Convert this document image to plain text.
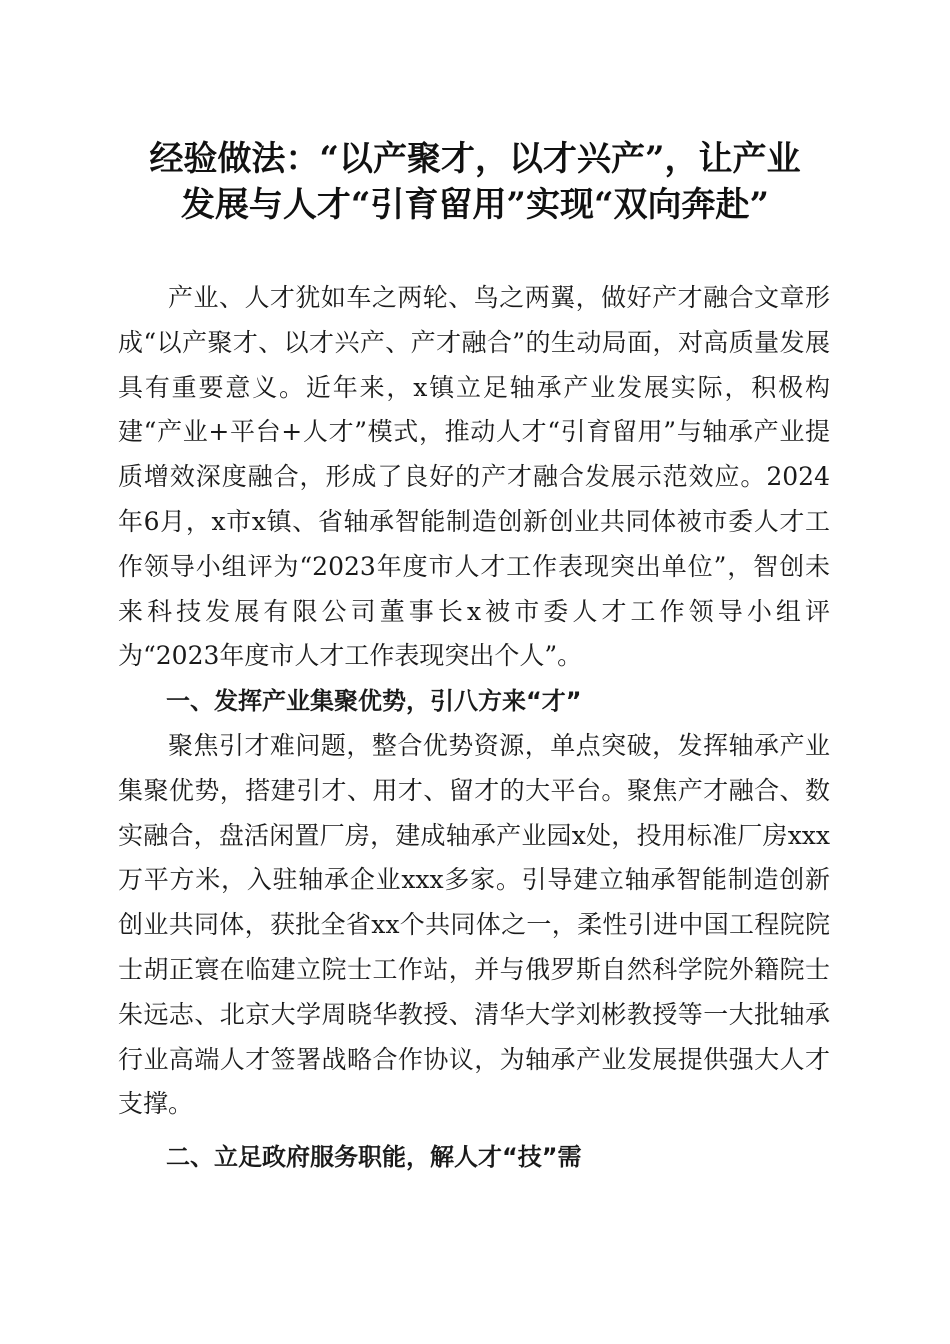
经验做法：“以产聚才，以才兴产”，让产业
发展与人才“引育留用”实现“双向奔赴”

产业、人才犹如车之两轮、鸟之两翼，做好产才融合文章形成“以产聚才、以才兴产、产才融合”的生动局面，对高质量发展具有重要意义。近年来，x镇立足轴承产业发展实际，积极构建“产业+平台+人才”模式，推动人才“引育留用”与轴承产业提质增效深度融合，形成了良好的产才融合发展示范效应。2024年6月，x市x镇、省轴承智能制造创新创业共同体被市委人才工作领导小组评为“2023年度市人才工作表现突出单位”，智创未来科技发展有限公司董事长x被市委人才工作领导小组评为“2023年度市人才工作表现突出个人”。

一、发挥产业集聚优势，引八方来“才”

聚焦引才难问题，整合优势资源，单点突破，发挥轴承产业集聚优势，搭建引才、用才、留才的大平台。聚焦产才融合、数实融合，盘活闲置厂房，建成轴承产业园x处，投用标准厂房xxx万平方米，入驻轴承企业xxx多家。引导建立轴承智能制造创新创业共同体，获批全省xx个共同体之一，柔性引进中国工程院院士胡正寰在临建立院士工作站，并与俄罗斯自然科学院外籍院士朱远志、北京大学周晓华教授、清华大学刘彬教授等一大批轴承行业高端人才签署战略合作协议，为轴承产业发展提供强大人才支撑。

二、立足政府服务职能，解人才“技”需
